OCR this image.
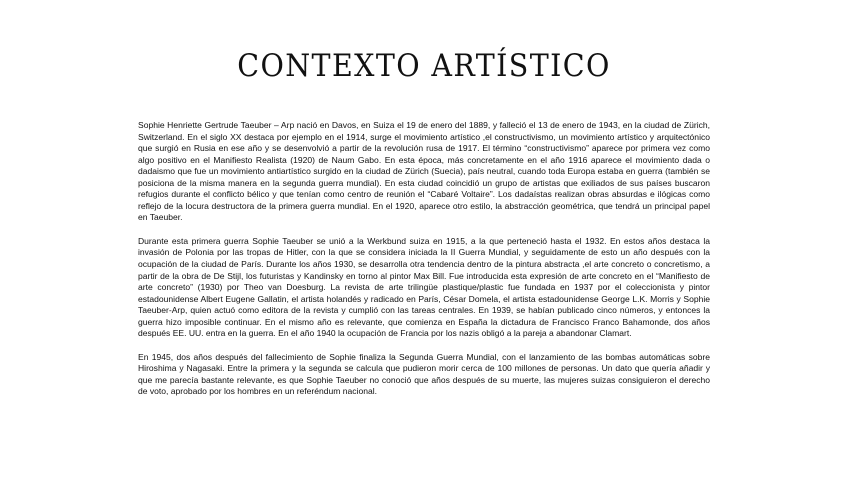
CONTEXTO ARTÍSTICO

Sophie Henriette Gertrude Taeuber – Arp nació en Davos, en Suiza el 19 de enero del 1889, y falleció el 13 de enero de 1943, en la ciudad de Zürich, Switzerland. En el siglo XX destaca por ejemplo en el 1914, surge el movimiento artístico ,el constructivismo, un movimiento artístico y arquitectónico que surgió en Rusia en ese año y se desenvolvió a partir de la revolución rusa de 1917. El término “constructivismo” aparece por primera vez como algo positivo en el Manifiesto Realista (1920) de Naum Gabo. En esta época, más concretamente en el año 1916 aparece el movimiento dada o dadaismo que fue un movimiento antiartístico surgido en la ciudad de Zürich (Suecia), país neutral, cuando toda Europa estaba en guerra (también se posiciona de la misma manera en la segunda guerra mundial). En esta ciudad coincidió un grupo de artistas que exiliados de sus países buscaron refugios durante el conflicto bélico y que tenían como centro de reunión el “Cabaré Voltaire”. Los dadaístas realizan obras absurdas e ilógicas como reflejo de la locura destructora de la primera guerra mundial. En el 1920, aparece otro estilo, la abstracción geométrica, que tendrá un principal papel en Taeuber.

Durante esta primera guerra Sophie Taeuber se unió a la Werkbund suiza en 1915, a la que perteneció hasta el 1932. En estos años destaca la invasión de Polonia por las tropas de Hitler, con la que se considera iniciada la II Guerra Mundial, y seguidamente de esto un año después con la ocupación de la ciudad de París. Durante los años 1930, se desarrolla otra tendencia dentro de la pintura abstracta ,el arte concreto o concretismo, a partir de la obra de De Stijl, los futuristas y Kandinsky en torno al pintor Max Bill. Fue introducida esta expresión de arte concreto en el “Manifiesto de arte concreto” (1930) por Theo van Doesburg. La revista de arte trilingüe plastique/plastic fue fundada en 1937 por el coleccionista y pintor estadounidense Albert Eugene Gallatin, el artista holandés y radicado en París, César Domela, el artista estadounidense George L.K. Morris y Sophie Taeuber-Arp, quien actuó como editora de la revista y cumplió con las tareas centrales. En 1939, se habían publicado cinco números, y entonces la guerra hizo imposible continuar. En el mismo año es relevante, que comienza en España la dictadura de Francisco Franco Bahamonde, dos años después EE. UU. entra en la guerra. En el año 1940 la ocupación de Francia por los nazis obligó a la pareja a abandonar Clamart.

En 1945, dos años después del fallecimiento de Sophie finaliza la Segunda Guerra Mundial, con el lanzamiento de las bombas automáticas sobre Hiroshima y Nagasaki. Entre la primera y la segunda se calcula que pudieron morir cerca de 100 millones de personas. Un dato que quería añadir y que me parecía bastante relevante, es que Sophie Taeuber no conoció que años después de su muerte, las mujeres suizas consiguieron el derecho de voto, aprobado por los hombres en un referéndum nacional.
